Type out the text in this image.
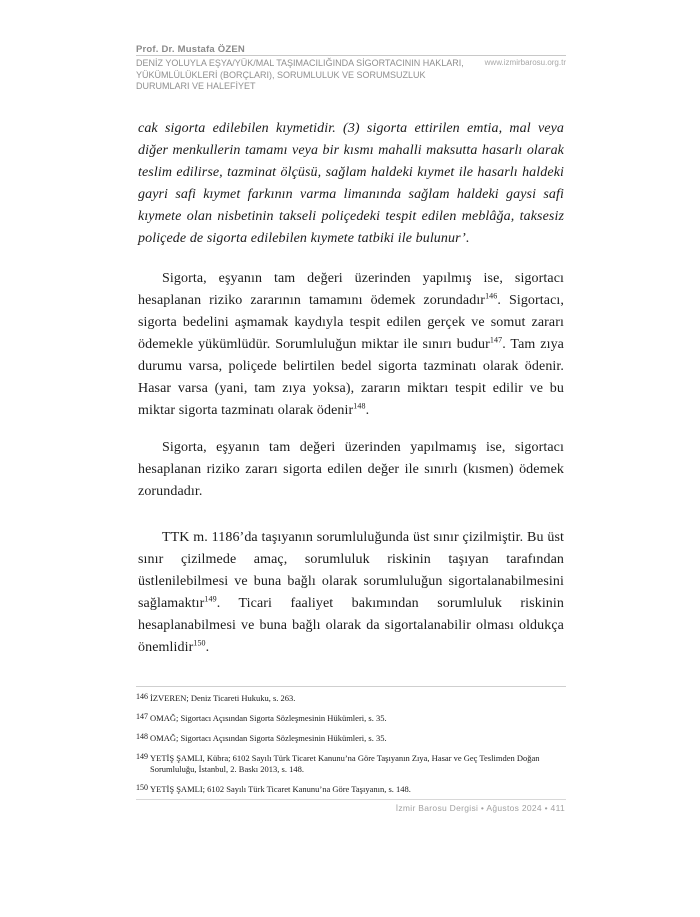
Prof. Dr. Mustafa ÖZEN
www.izmirbarosu.org.tr
DENİZ YOLUYLA EŞYA/YÜK/MAL TAŞIMACILIĞINDA SİGORTACININ HAKLARI, YÜKÜMLÜLÜKLERİ (BORÇLARI), SORUMLULUK VE SORUMSUZLUK DURUMLARI VE HALEFİYET
cak sigorta edilebilen kıymetidir. (3) sigorta ettirilen emtia, mal veya diğer menkullerin tamamı veya bir kısmı mahalli maksutta hasarlı olarak teslim edilirse, tazminat ölçüsü, sağlam haldeki kıymet ile hasarlı haldeki gayri safi kıymet farkının varma limanında sağlam haldeki gaysi safi kıymete olan nisbetinin takseli poliçedeki tespit edilen meblâğa, taksesiz poliçede de sigorta edilebilen kıymete tatbiki ile bulunur’.
Sigorta, eşyanın tam değeri üzerinden yapılmış ise, sigortacı hesaplanan riziko zararının tamamını ödemek zorundadır$^{146}$. Sigortacı, sigorta bedelini aşmamak kaydıyla tespit edilen gerçek ve somut zararı ödemekle yükümlüdür. Sorumluluğun miktar ile sınırı budur$^{147}$. Tam zıya durumu varsa, poliçede belirtilen bedel sigorta tazminatı olarak ödenir. Hasar varsa (yani, tam zıya yoksa), zararın miktarı tespit edilir ve bu miktar sigorta tazminatı olarak ödenir$^{148}$.
Sigorta, eşyanın tam değeri üzerinden yapılmamış ise, sigortacı hesaplanan riziko zararı sigorta edilen değer ile sınırlı (kısmen) ödemek zorundadır.
TTK m. 1186’da taşıyanın sorumluluğunda üst sınır çizilmiştir. Bu üst sınır çizilmede amaç, sorumluluk riskinin taşıyan tarafından üstlenilebilmesi ve buna bağlı olarak sorumluluğun sigortalanabilmesini sağlamaktır$^{149}$. Ticari faaliyet bakımından sorumluluk riskinin hesaplanabilmesi ve buna bağlı olarak da sigortalanabilir olması oldukça önemlidir$^{150}$.
146 İZVEREN; Deniz Ticareti Hukuku, s. 263.
147 OMAĞ; Sigortacı Açısından Sigorta Sözleşmesinin Hükümleri, s. 35.
148 OMAĞ; Sigortacı Açısından Sigorta Sözleşmesinin Hükümleri, s. 35.
149 YETİŞ ŞAMLI, Kübra; 6102 Sayılı Türk Ticaret Kanunu’na Göre Taşıyanın Zıya, Hasar ve Geç Teslimden Doğan Sorumluluğu, İstanbul, 2. Baskı 2013, s. 148.
150 YETİŞ ŞAMLI; 6102 Sayılı Türk Ticaret Kanunu’na Göre Taşıyanın, s. 148.
İzmir Barosu Dergisi • Ağustos 2024 • 411
